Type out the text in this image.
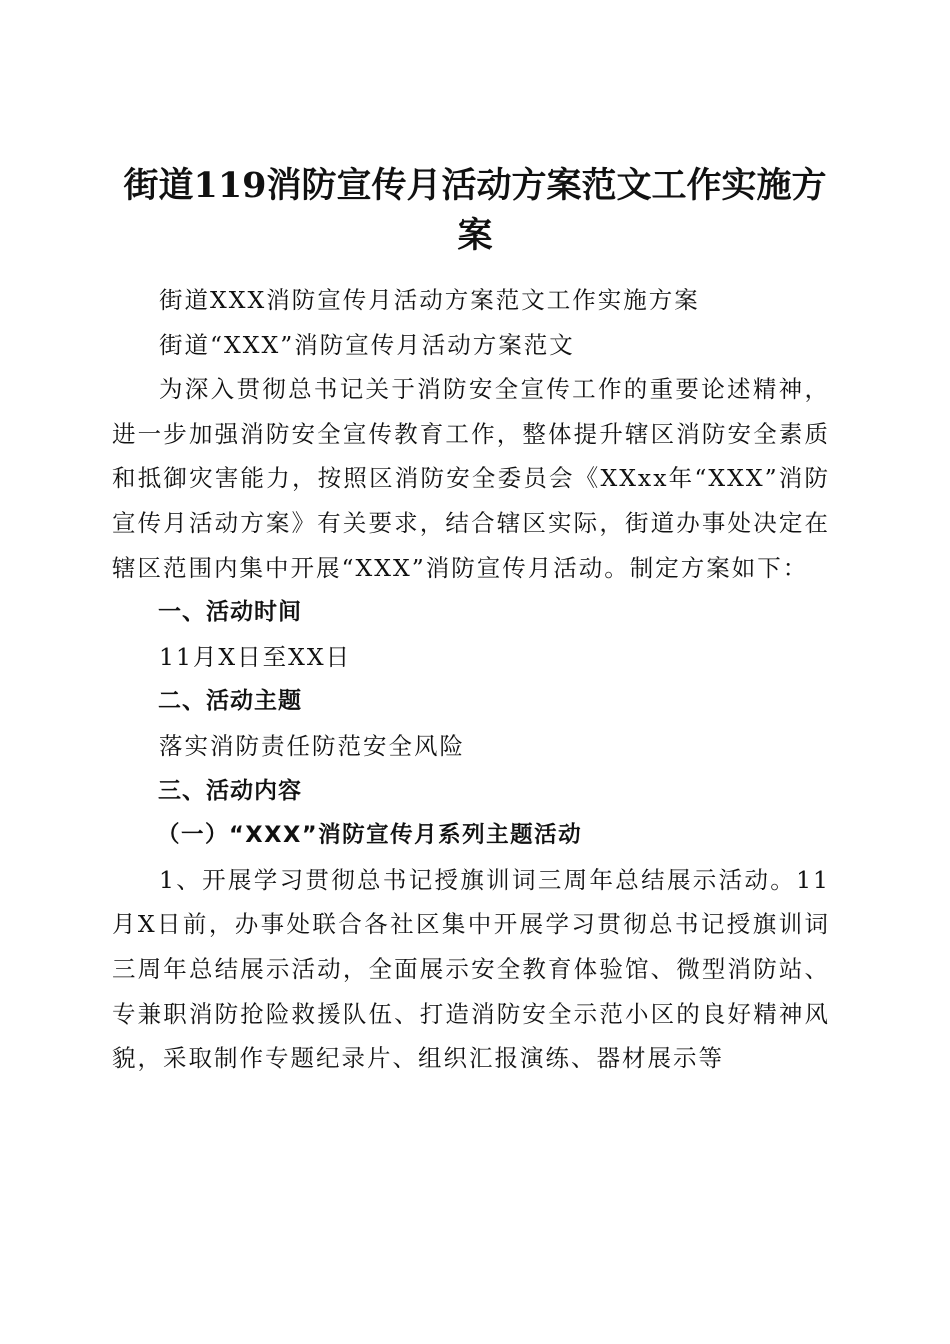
街道119消防宣传月活动方案范文工作实施方案

街道XXX消防宣传月活动方案范文工作实施方案

街道“XXX”消防宣传月活动方案范文

为深入贯彻总书记关于消防安全宣传工作的重要论述精神，进一步加强消防安全宣传教育工作，整体提升辖区消防安全素质和抵御灾害能力，按照区消防安全委员会《XXxx年“XXX”消防宣传月活动方案》有关要求，结合辖区实际，街道办事处决定在辖区范围内集中开展“XXX”消防宣传月活动。制定方案如下：

一、活动时间

11月X日至XX日

二、活动主题

落实消防责任防范安全风险

三、活动内容

（一）“XXX”消防宣传月系列主题活动

1、开展学习贯彻总书记授旗训词三周年总结展示活动。11月X日前，办事处联合各社区集中开展学习贯彻总书记授旗训词三周年总结展示活动，全面展示安全教育体验馆、微型消防站、专兼职消防抢险救援队伍、打造消防安全示范小区的良好精神风貌，采取制作专题纪录片、组织汇报演练、器材展示等
